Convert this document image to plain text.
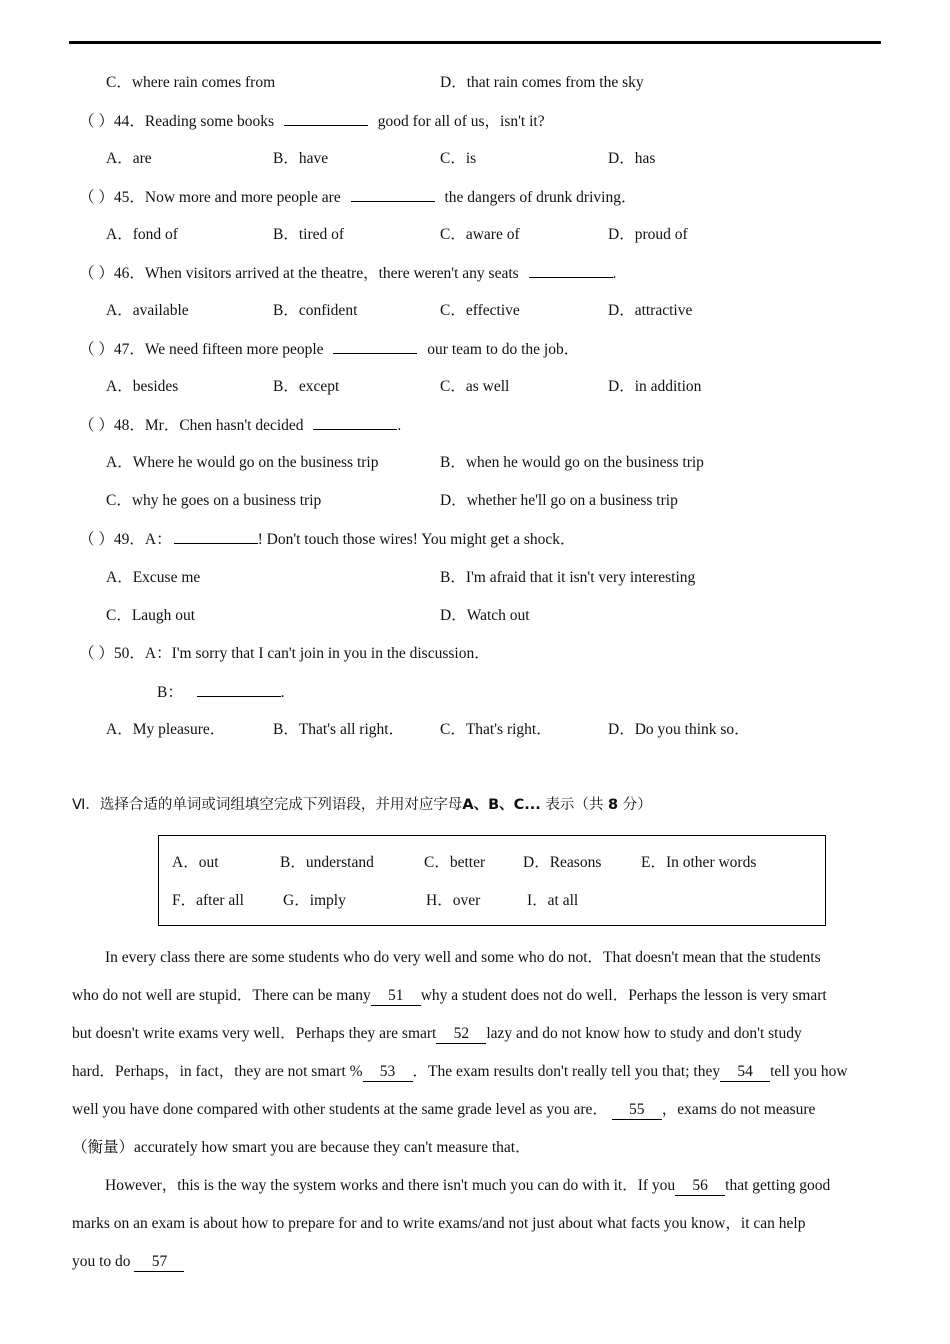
C．where rain comes from	D．that rain comes from the sky
（ ）44．Reading some books	good for all of us，isn't it?
A．are	B．have	C．is	D．has
（ ）45．Now more and more people are	the dangers of drunk driving．
A．fond of	B．tired of	C．aware of	D．proud of
（ ）46．When visitors arrived at the theatre，there weren't any seats	.
A．available	B．confident	C．effective	D．attractive
（ ）47．We need fifteen more people	our team to do the job．
A．besides	B．except	C．as well	D．in addition
（ ）48．Mr．Chen hasn't decided	.
A．Where he would go on the business trip	B．when he would go on the business trip
C．why he goes on a business trip	D．whether he'll go on a business trip
（ ）49．A：	! Don't touch those wires! You might get a shock．
A．Excuse me	B．I'm afraid that it isn't very interesting
C．Laugh out	D．Watch out
（ ）50．A：I'm sorry that I can't join in you in the discussion．
B：	.
A．My pleasure．	B．That's all right． C．That's right．	D．Do you think so．
Ⅵ．选择合适的单词或词组填空完成下列语段，并用对应字母A、B、C... 表示（共 8 分）
A．out	B．understand	C．better D．Reasons	E．In other words
F．after all	G．imply	H．over	I．at all
In every class there are some students who do very well and some who do not．That doesn't mean that the students
who do not well are stupid．There can be many 51 why a student does not do well．Perhaps the lesson is very smart
but doesn't write exams very well．Perhaps they are smart 52 lazy and do not know how to study and don't study
hard．Perhaps，in fact，they are not smart % 53 ．The exam results don't really tell you that; they 54 tell you how
well you have done compared with other students at the same grade level as you are． 55 ，exams do not measure
（衡量）accurately how smart you are because they can't measure that．
However，this is the way the system works and there isn't much you can do with it．If you 56 that getting good
marks on an exam is about how to prepare for and to write exams/and not just about what facts you know，it can help
you to do 57
